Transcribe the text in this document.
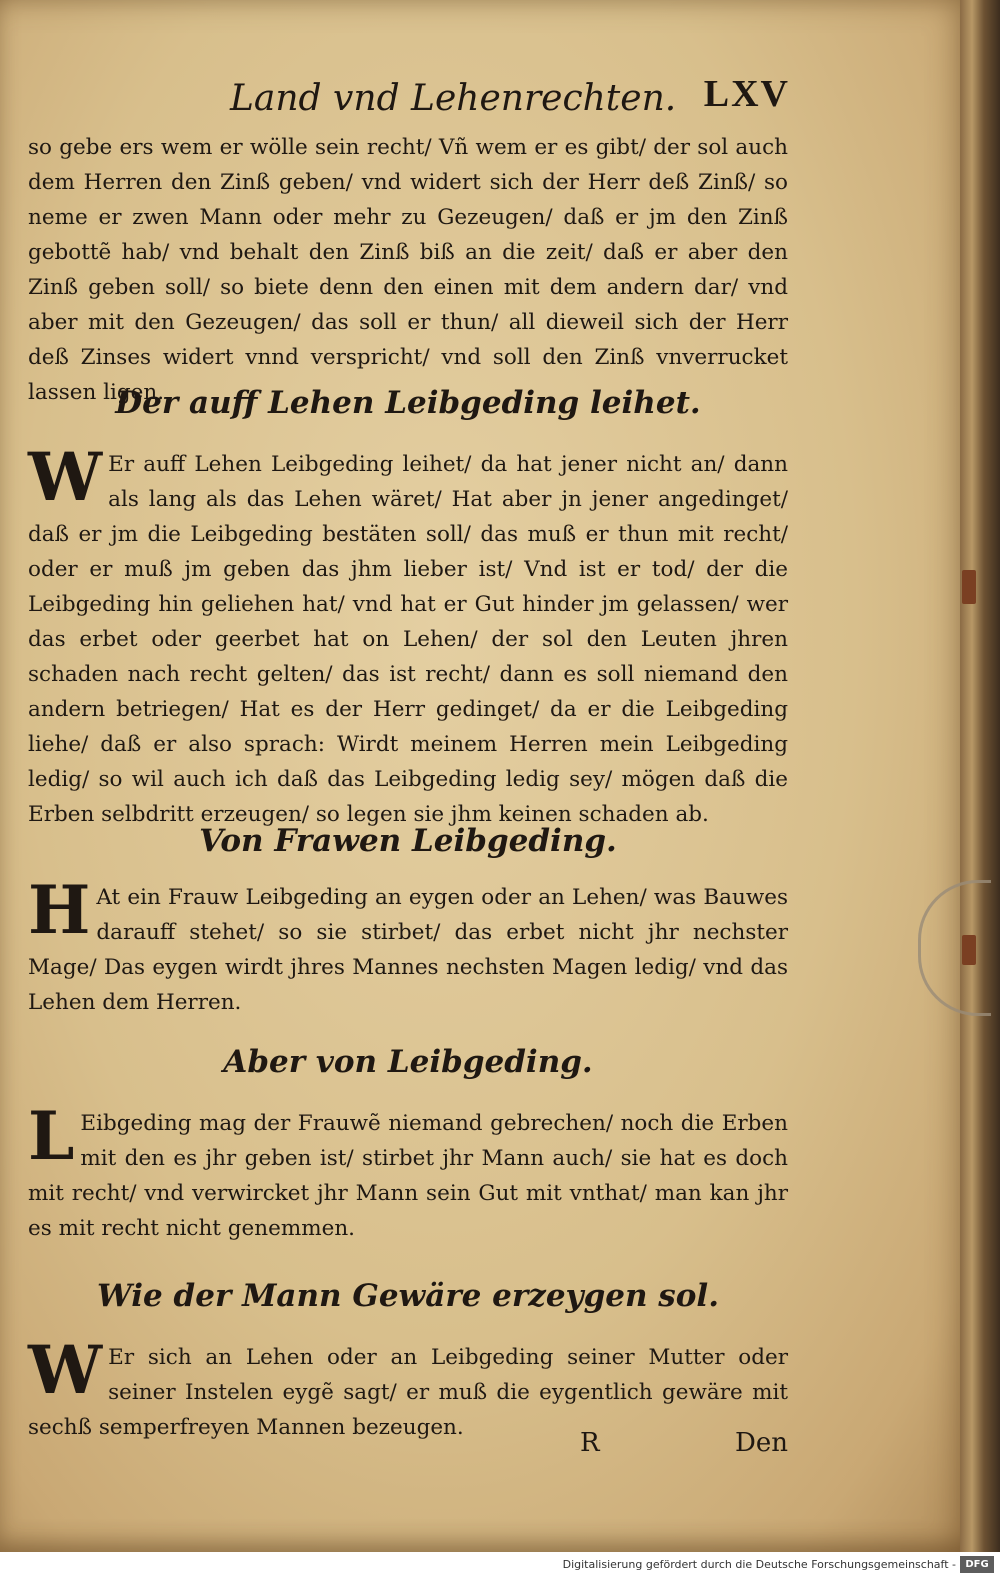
Land vnd Lehenrechten. LXV
so gebe ers wem er wölle sein recht/ Vñ wem er es gibt/ der sol auch dem Herren den Zinß geben/ vnd widert sich der Herr deß Zinß/ so neme er zwen Mann oder mehr zu Gezeugen/ daß er jm den Zinß gebottẽ hab/ vnd behalt den Zinß biß an die zeit/ daß er aber den Zinß geben soll/ so biete denn den einen mit dem andern dar/ vnd aber mit den Gezeugen/ das soll er thun/ all dieweil sich der Herr deß Zinses widert vnnd verspricht/ vnd soll den Zinß vnverrucket lassen ligen.
Der auff Lehen Leibgeding leihet.
W Er auff Lehen Leibgeding leihet/ da hat jener nicht an/ dann als lang als das Lehen wäret/ Hat aber jn jener angedinget/ daß er jm die Leibgeding bestäten soll/ das muß er thun mit recht/ oder er muß jm geben das jhm lieber ist/ Vnd ist er tod/ der die Leibgeding hin geliehen hat/ vnd hat er Gut hinder jm gelassen/ wer das erbet oder geerbet hat on Lehen/ der sol den Leuten jhren schaden nach recht gelten/ das ist recht/ dann es soll niemand den andern betriegen/ Hat es der Herr gedinget/ da er die Leibgeding liehe/ daß er also sprach: Wirdt meinem Herren mein Leibgeding ledig/ so wil auch ich daß das Leibgeding ledig sey/ mögen daß die Erben selbdritt erzeugen/ so legen sie jhm keinen schaden ab.
Von Frawen Leibgeding.
H At ein Frauw Leibgeding an eygen oder an Lehen/ was Bauwes darauff stehet/ so sie stirbet/ das erbet nicht jhr nechster Mage/ Das eygen wirdt jhres Mannes nechsten Magen ledig/ vnd das Lehen dem Herren.
Aber von Leibgeding.
L Eibgeding mag der Frauwẽ niemand gebrechen/ noch die Erben mit den es jhr geben ist/ stirbet jhr Mann auch/ sie hat es doch mit recht/ vnd verwircket jhr Mann sein Gut mit vnthat/ man kan jhr es mit recht nicht genemmen.
Wie der Mann Gewäre erzeygen sol.
W Er sich an Lehen oder an Leibgeding seiner Mutter oder seiner Instelen eygẽ sagt/ er muß die eygentlich gewäre mit sechß semperfreyen Mannen bezeugen.
R	Den
Digitalisierung gefördert durch die Deutsche Forschungsgemeinschaft - DFG
